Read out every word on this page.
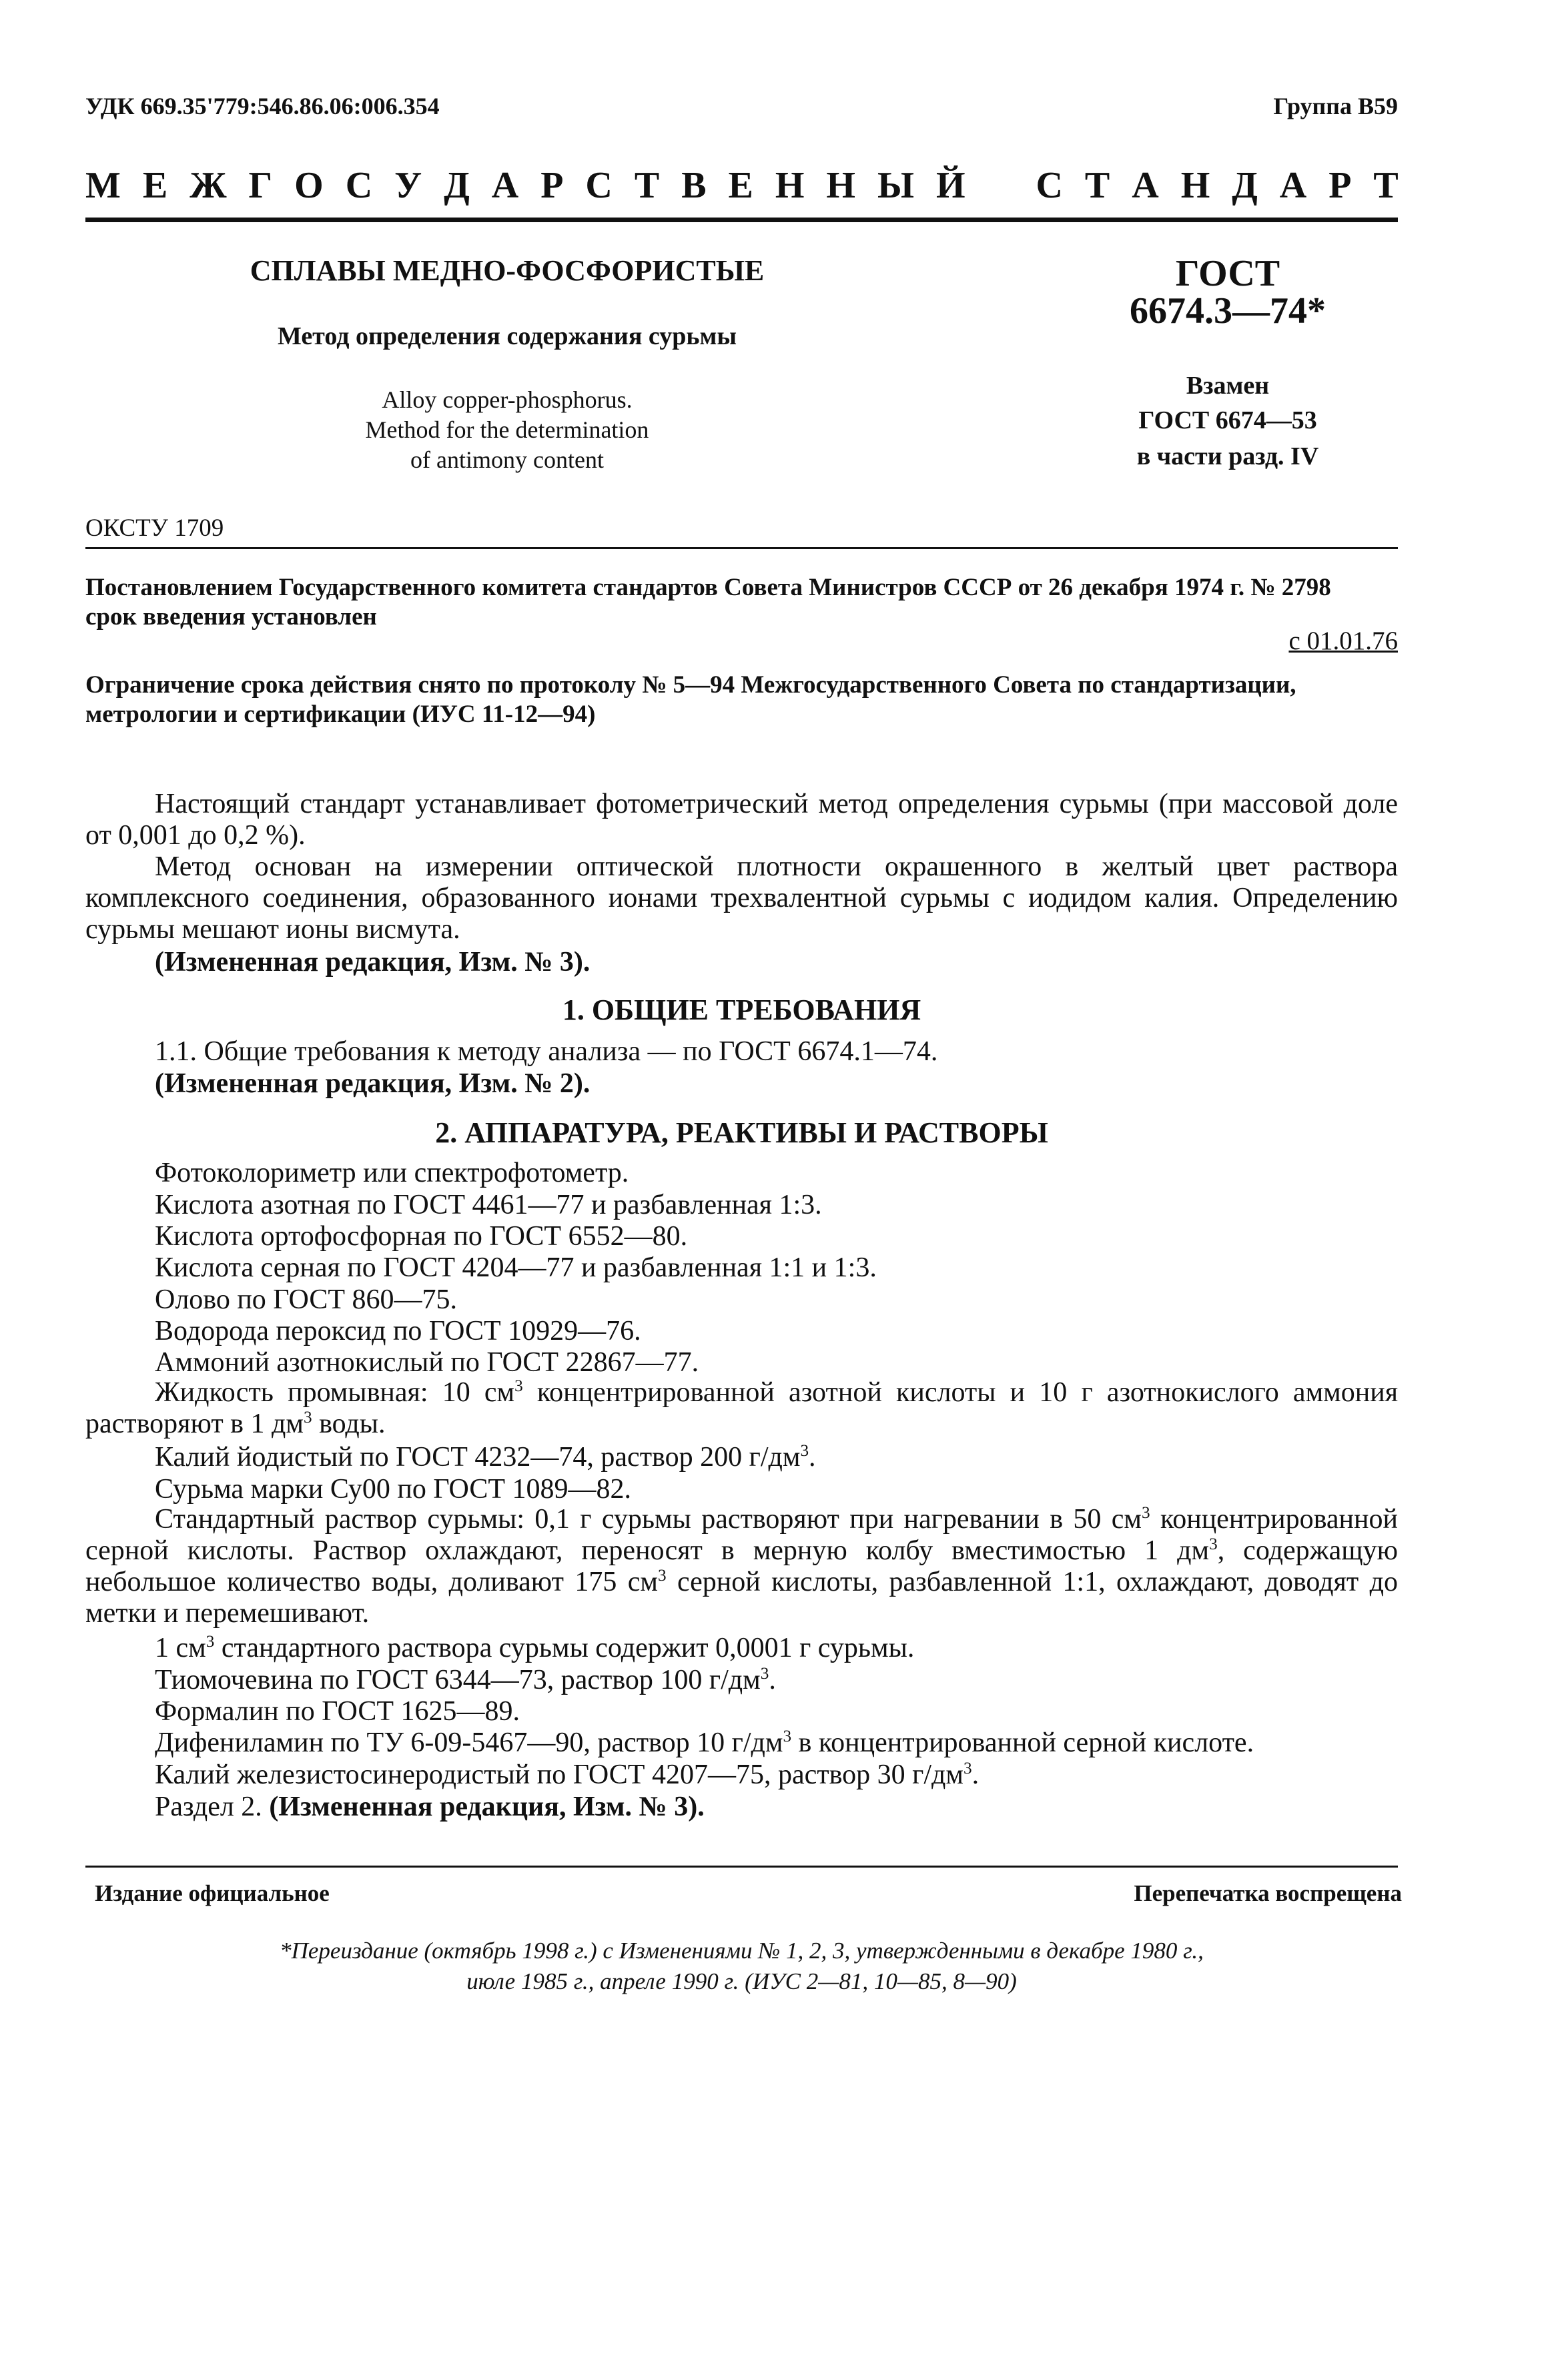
УДК 669.35'779:546.86.06:006.354	Группа В59
М Е Ж Г О С У Д А Р С Т В Е Н Н Ы Й С Т А Н Д А Р Т
СПЛАВЫ МЕДНО-ФОСФОРИСТЫЕ
Метод определения содержания сурьмы
Alloy copper-phosphorus.
Method for the determination
of antimony content
ГОСТ
6674.3—74*
Взамен
ГОСТ 6674—53
в части разд. IV
ОКСТУ 1709
Постановлением Государственного комитета стандартов Совета Министров СССР от 26 декабря 1974 г. № 2798
срок введения установлен
с 01.01.76
Ограничение срока действия снято по протоколу № 5—94 Межгосударственного Совета по стандартизации,
метрологии и сертификации (ИУС 11-12—94)
Настоящий стандарт устанавливает фотометрический метод определения сурьмы (при массовой доле от 0,001 до 0,2 %).
Метод основан на измерении оптической плотности окрашенного в желтый цвет раствора комплексного соединения, образованного ионами трехвалентной сурьмы с иодидом калия. Определению сурьмы мешают ионы висмута.
(Измененная редакция, Изм. № 3).
1. ОБЩИЕ ТРЕБОВАНИЯ
1.1. Общие требования к методу анализа — по ГОСТ 6674.1—74.
(Измененная редакция, Изм. № 2).
2. АППАРАТУРА, РЕАКТИВЫ И РАСТВОРЫ
Фотоколориметр или спектрофотометр.
Кислота азотная по ГОСТ 4461—77 и разбавленная 1:3.
Кислота ортофосфорная по ГОСТ 6552—80.
Кислота серная по ГОСТ 4204—77 и разбавленная 1:1 и 1:3.
Олово по ГОСТ 860—75.
Водорода пероксид по ГОСТ 10929—76.
Аммоний азотнокислый по ГОСТ 22867—77.
Жидкость промывная: 10 $см^3$ концентрированной азотной кислоты и 10 г азотнокислого аммония растворяют в 1 $дм^3$ воды.
Калий йодистый по ГОСТ 4232—74, раствор 200 $г/дм^3$.
Сурьма марки Су00 по ГОСТ 1089—82.
Стандартный раствор сурьмы: 0,1 г сурьмы растворяют при нагревании в 50 $см^3$ концентрированной серной кислоты. Раствор охлаждают, переносят в мерную колбу вместимостью 1 $дм^3$, содержащую небольшое количество воды, доливают 175 $см^3$ серной кислоты, разбавленной 1:1, охлаждают, доводят до метки и перемешивают.
1 $см^3$ стандартного раствора сурьмы содержит 0,0001 г сурьмы.
Тиомочевина по ГОСТ 6344—73, раствор 100 $г/дм^3$.
Формалин по ГОСТ 1625—89.
Дифениламин по ТУ 6-09-5467—90, раствор 10 $г/дм^3$ в концентрированной серной кислоте.
Калий железистосинеродистый по ГОСТ 4207—75, раствор 30 $г/дм^3$.
Раздел 2. (Измененная редакция, Изм. № 3).
Издание официальное	Перепечатка воспрещена
*Переиздание (октябрь 1998 г.) с Изменениями № 1, 2, 3, утвержденными в декабре 1980 г.,
июле 1985 г., апреле 1990 г. (ИУС 2—81, 10—85, 8—90)
